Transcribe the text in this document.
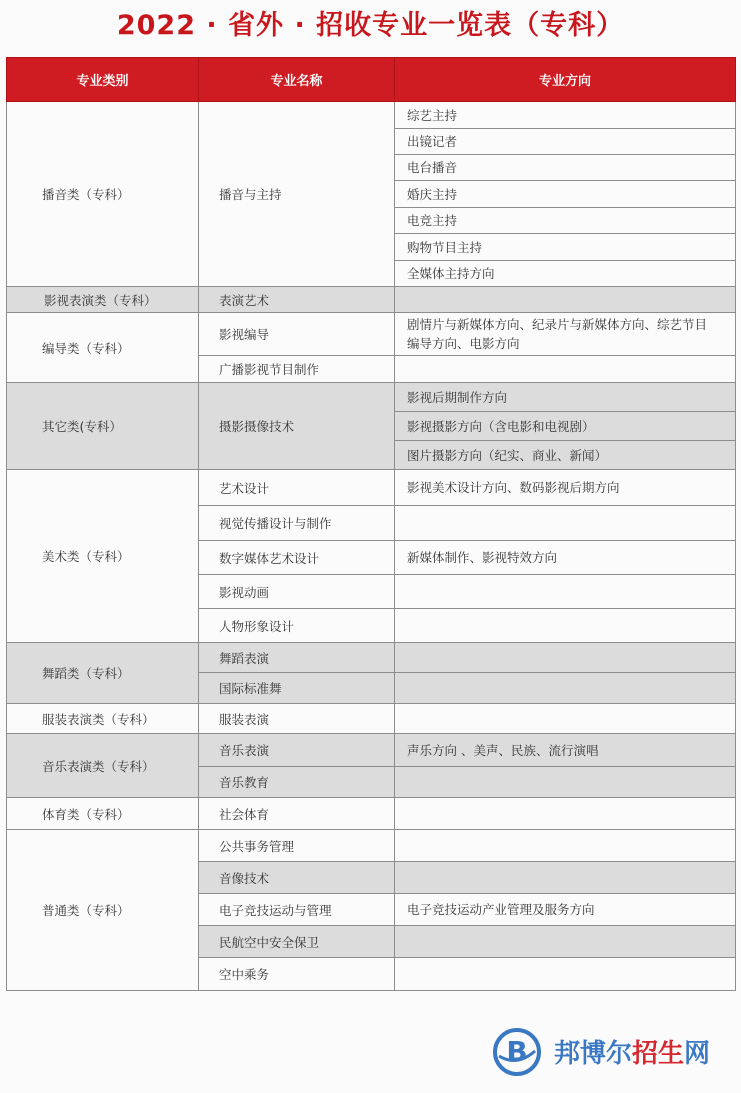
2022 · 省外 · 招收专业一览表（专科）
专业类别	专业名称	专业方向
播音类（专科）	播音与主持	综艺主持
		出镜记者
		电台播音
		婚庆主持
		电竞主持
		购物节目主持
		全媒体主持方向
影视表演类（专科）	表演艺术	
编导类（专科）	影视编导	剧情片与新媒体方向、纪录片与新媒体方向、综艺节目编导方向、电影方向
	广播影视节目制作	
其它类(专科）	摄影摄像技术	影视后期制作方向
		影视摄影方向（含电影和电视剧）
		图片摄影方向（纪实、商业、新闻）
美术类（专科）	艺术设计	影视美术设计方向、数码影视后期方向
	视觉传播设计与制作	
	数字媒体艺术设计	新媒体制作、影视特效方向
	影视动画	
	人物形象设计	
舞蹈类（专科）	舞蹈表演	
	国际标准舞	
服装表演类（专科）	服装表演	
音乐表演类（专科）	音乐表演	声乐方向 、美声、民族、流行演唱
	音乐教育	
体育类（专科）	社会体育	
普通类（专科）	公共事务管理	
	音像技术	
	电子竞技运动与管理	电子竞技运动产业管理及服务方向
	民航空中安全保卫	
	空中乘务	
B 邦博尔招生网
